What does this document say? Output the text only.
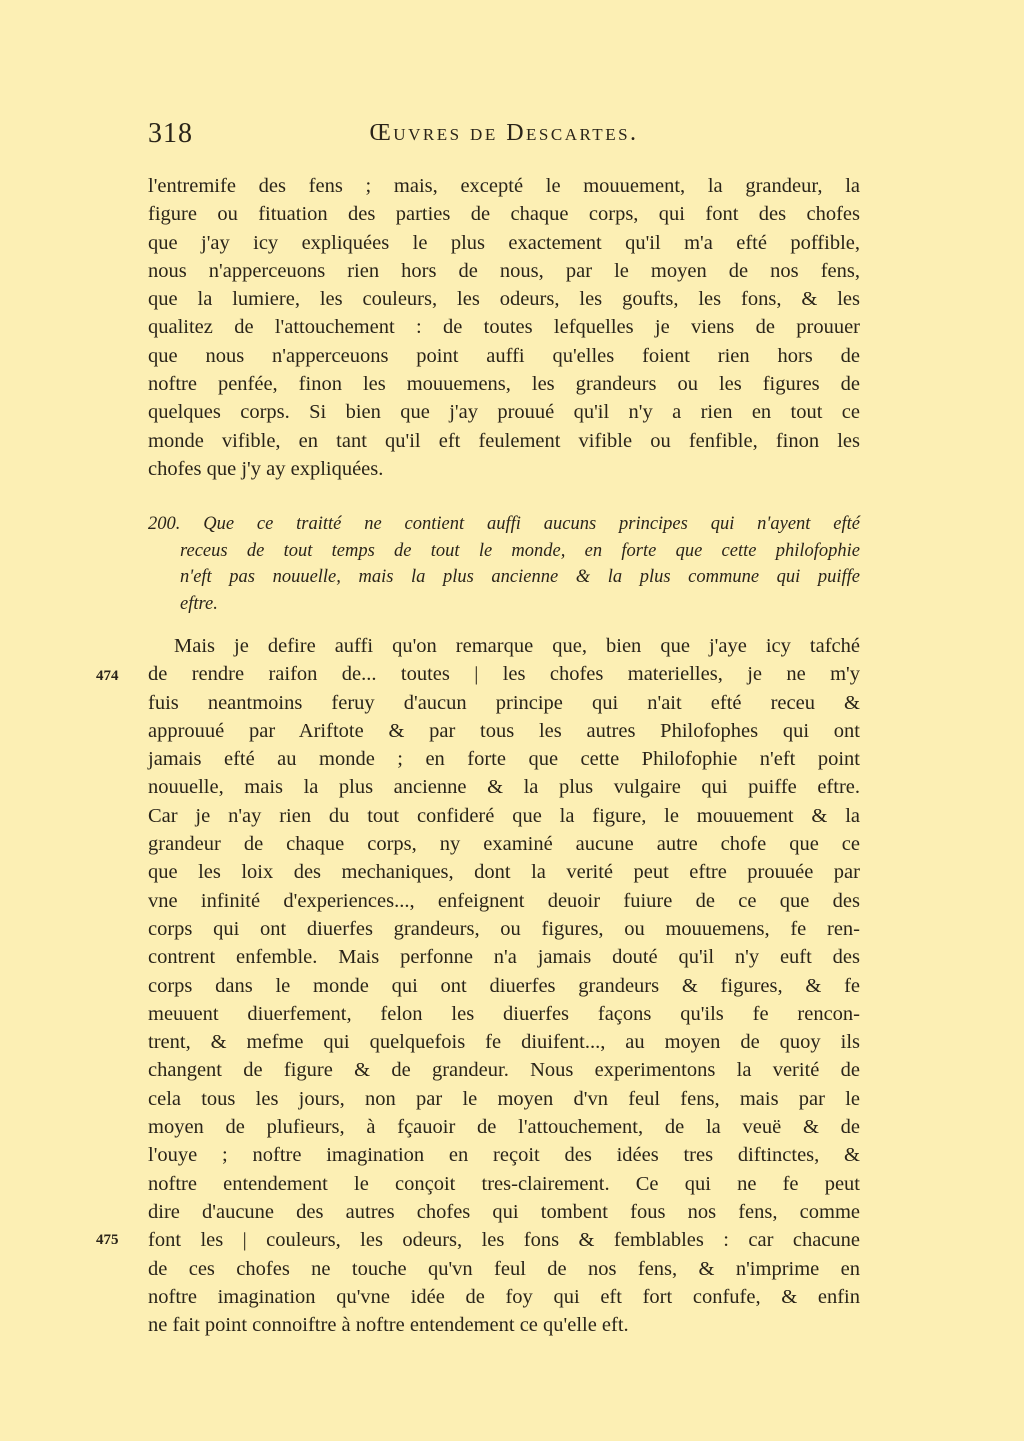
318	Œuvres de Descartes.
l'entremife des fens ; mais, excepté le mouuement, la grandeur, la
figure ou fituation des parties de chaque corps, qui font des chofes
que j'ay icy expliquées le plus exactement qu'il m'a efté poffible,
nous n'apperceuons rien hors de nous, par le moyen de nos fens,
que la lumiere, les couleurs, les odeurs, les goufts, les fons, & les
qualitez de l'attouchement : de toutes lefquelles je viens de prouuer
que nous n'apperceuons point auffi qu'elles foient rien hors de
noftre penfée, finon les mouuemens, les grandeurs ou les figures de
quelques corps. Si bien que j'ay prouué qu'il n'y a rien en tout ce
monde vifible, en tant qu'il eft feulement vifible ou fenfible, finon les
chofes que j'y ay expliquées.
200. Que ce traitté ne contient auffi aucuns principes qui n'ayent efté
receus de tout temps de tout le monde, en forte que cette philofophie
n'eft pas nouuelle, mais la plus ancienne & la plus commune qui puiffe
eftre.
Mais je defire auffi qu'on remarque que, bien que j'aye icy tafché
de rendre raifon de... toutes | les chofes materielles, je ne m'y
fuis neantmoins feruy d'aucun principe qui n'ait efté receu &
approuué par Ariftote & par tous les autres Philofophes qui ont
jamais efté au monde ; en forte que cette Philofophie n'eft point
nouuelle, mais la plus ancienne & la plus vulgaire qui puiffe eftre.
Car je n'ay rien du tout confideré que la figure, le mouuement & la
grandeur de chaque corps, ny examiné aucune autre chofe que ce
que les loix des mechaniques, dont la verité peut eftre prouuée par
vne infinité d'experiences..., enfeignent deuoir fuiure de ce que des
corps qui ont diuerfes grandeurs, ou figures, ou mouuemens, fe ren-
contrent enfemble. Mais perfonne n'a jamais douté qu'il n'y euft des
corps dans le monde qui ont diuerfes grandeurs & figures, & fe
meuuent diuerfement, felon les diuerfes façons qu'ils fe rencon-
trent, & mefme qui quelquefois fe diuifent..., au moyen de quoy ils
changent de figure & de grandeur. Nous experimentons la verité de
cela tous les jours, non par le moyen d'vn feul fens, mais par le
moyen de plufieurs, à fçauoir de l'attouchement, de la veuë & de
l'ouye ; noftre imagination en reçoit des idées tres diftinctes, &
noftre entendement le conçoit tres-clairement. Ce qui ne fe peut
dire d'aucune des autres chofes qui tombent fous nos fens, comme
font les | couleurs, les odeurs, les fons & femblables : car chacune
de ces chofes ne touche qu'vn feul de nos fens, & n'imprime en
noftre imagination qu'vne idée de foy qui eft fort confufe, & enfin
ne fait point connoiftre à noftre entendement ce qu'elle eft.
474
475
